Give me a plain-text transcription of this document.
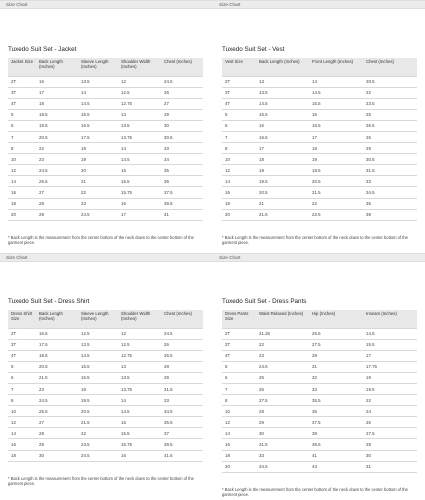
Size Chart	Size Chart
Size Chart	Size Chart
Tuxedo Suit Set - Jacket
Jacket Size	Back Length (Inches)	Sleeve Length (Inches)	Shoulder Width (Inches)	Chest (Inches)
2T	16	13.5	12	24.5
3T	17	14	12.5	26
4T	18	14.5	12.75	27
5	18.5	15.5	13	29
6	19.5	16.5	13.5	30
7	20.5	17.5	13.75	30.5
8	22	19	14	33
10	23	19	14.5	34
12	24.5	20	15	35
14	25.5	21	15.5	36
16	27	22	15.75	37.5
18	28	23	16	39.5
20	29	24.5	17	41
* Back Length is the measurement from the center bottom of the neck down to the center bottom of the garment piece.
Tuxedo Suit Set - Vest
Vest Size	Back Length (Inches)	Front Length (Inches)	Chest (Inches)
2T	13	14	20.5
3T	13.5	14.5	22
4T	14.5	15.5	23.5
5	15.5	16	25
6	16	16.5	26.5
7	16.5	17	26
8	17	18	29
10	18	19	30.5
12	19	19.5	31.5
14	19.5	20.5	33
16	20.5	21.5	34.5
18	21	22	36
20	21.5	22.5	39
* Back Length is the measurement from the center bottom of the neck down to the center bottom of the garment piece.
Tuxedo Suit Set - Dress Shirt
Dress Shirt Size	Back Length (Inches)	Sleeve Length (Inches)	Shoulder Width (Inches)	Chest (Inches)
2T	16.5	12.5	12	24.5
3T	17.5	13.5	12.5	26
4T	18.5	14.5	12.75	26.5
5	20.5	15.5	13	28
6	21.5	16.5	13.5	29
7	23	18	13.75	31.5
8	24.5	19.5	14	33
10	25.5	20.5	14.5	34.5
12	27	21.5	15	35.5
14	28	22	15.5	37
16	29	23.5	15.75	39.5
18	30	24.5	16	41.5
* Back Length is the measurement from the center bottom of the neck down to the center bottom of the garment piece.
Tuxedo Suit Set - Dress Pants
Dress Pants Size	Waist Relaxed (Inches)	Hip (Inches)	Inseam (Inches)
2T	21.25	26.5	14.5
3T	22	27.5	15.5
4T	23	28	17
5	24.5	31	17.75
6	25	32	19
7	26	33	19.5
8	27.5	35.5	22
10	28	36	24
12	29	37.5	26
14	30	38	27.5
16	31.5	39.5	28
18	33	41	30
20	34.5	43	31
* Back Length is the measurement from the center bottom of the neck down to the center bottom of the garment piece.
